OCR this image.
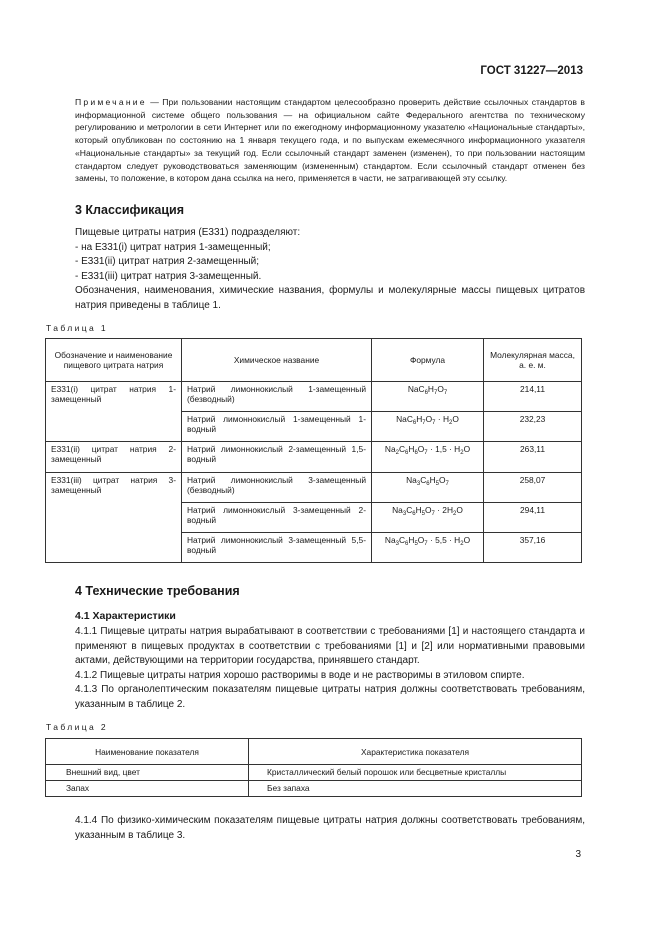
ГОСТ 31227—2013
Примечание — При пользовании настоящим стандартом целесообразно проверить действие ссылочных стандартов в информационной системе общего пользования — на официальном сайте Федерального агентства по техническому регулированию и метрологии в сети Интернет или по ежегодному информационному указателю «Национальные стандарты», который опубликован по состоянию на 1 января текущего года, и по выпускам ежемесячного информационного указателя «Национальные стандарты» за текущий год. Если ссылочный стандарт заменен (изменен), то при пользовании настоящим стандартом следует руководствоваться заменяющим (измененным) стандартом. Если ссылочный стандарт отменен без замены, то положение, в котором дана ссылка на него, применяется в части, не затрагивающей эту ссылку.
3 Классификация

Пищевые цитраты натрия (E331) подразделяют:

- на E331(i) цитрат натрия 1-замещенный;

- E331(ii) цитрат натрия 2-замещенный;

- E331(iii) цитрат натрия 3-замещенный.

Обозначения, наименования, химические названия, формулы и молекулярные массы пищевых цитратов натрия приведены в таблице 1.

Таблица 1
Обозначение и наименование пищевого цитрата натрия	Химическое название	Формула	Молекулярная масса, а. е. м.
E331(i) цитрат натрия 1-замещенный	Натрий лимоннокислый 1-замещенный (безводный)	$NaC_6H_7O_7$	214,11
	Натрий лимоннокислый 1-замещенный 1-водный	$NaC_6H_7O_7 \cdot H_2O$	232,23
E331(ii) цитрат натрия 2-замещенный	Натрий лимоннокислый 2-замещенный 1,5-водный	$Na_2C_6H_6O_7 \cdot 1,5 \cdot H_2O$	263,11
E331(iii) цитрат натрия 3-замещенный	Натрий лимоннокислый 3-замещенный (безводный)	$Na_3C_6H_5O_7$	258,07
	Натрий лимоннокислый 3-замещенный 2-водный	$Na_3C_6H_5O_7 \cdot 2H_2O$	294,11
	Натрий лимоннокислый 3-замещенный 5,5-водный	$Na_3C_6H_5O_7 \cdot 5,5 \cdot H_2O$	357,16
4 Технические требования
4.1 Характеристики

4.1.1 Пищевые цитраты натрия вырабатывают в соответствии с требованиями [1] и настоящего стандарта и применяют в пищевых продуктах в соответствии с требованиями [1] и [2] или нормативными правовыми актами, действующими на территории государства, принявшего стандарт.

4.1.2 Пищевые цитраты натрия хорошо растворимы в воде и не растворимы в этиловом спирте.

4.1.3 По органолептическим показателям пищевые цитраты натрия должны соответствовать требованиям, указанным в таблице 2.

Таблица 2
Наименование показателя	Характеристика показателя
Внешний вид, цвет	Кристаллический белый порошок или бесцветные кристаллы
Запах	Без запаха

4.1.4 По физико-химическим показателям пищевые цитраты натрия должны соответствовать требованиям, указанным в таблице 3.

3
